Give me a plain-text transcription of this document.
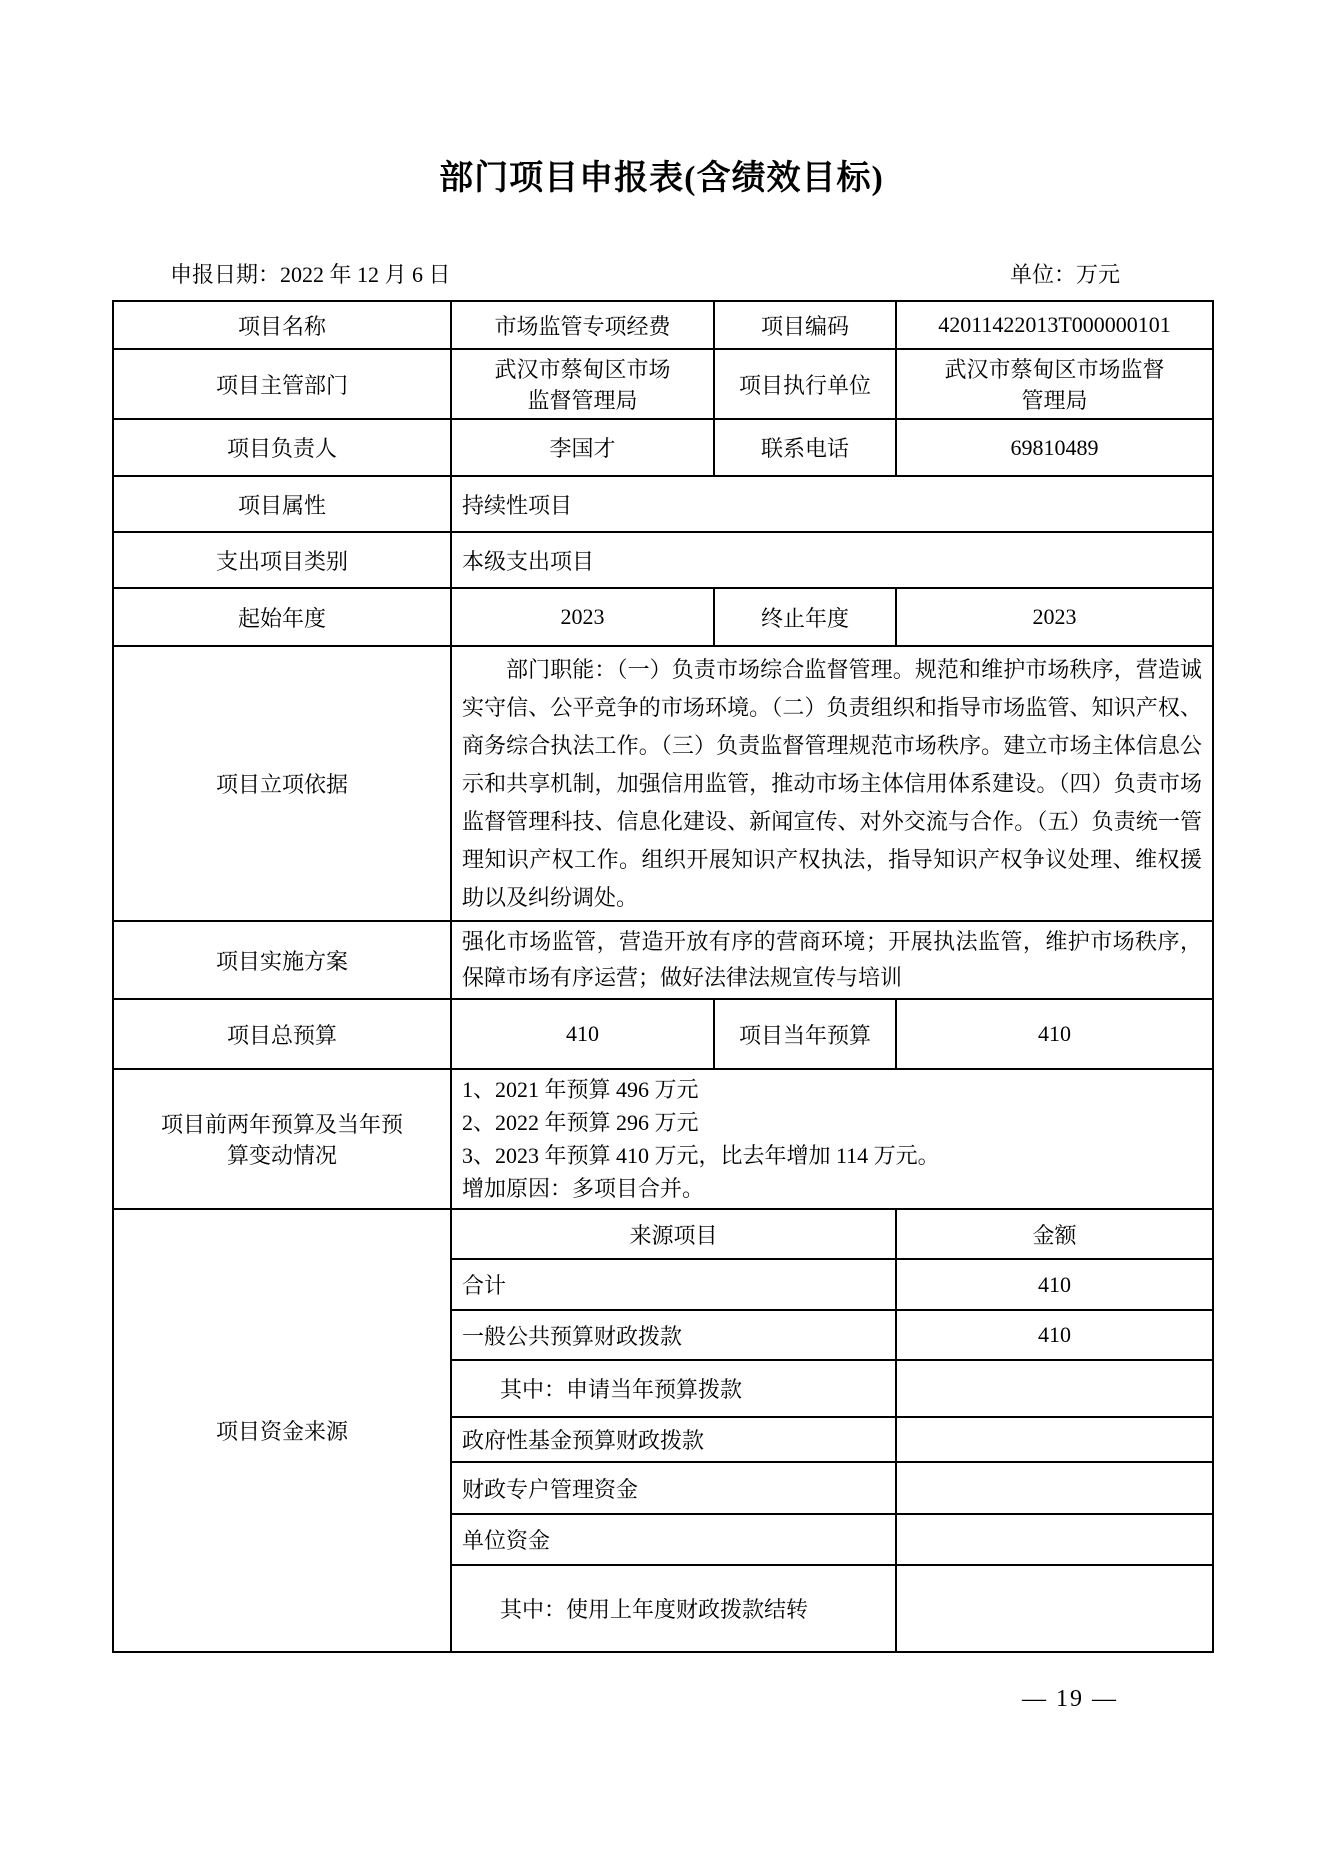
部门项目申报表(含绩效目标)
申报日期：2022 年 12 月 6 日	单位：万元
项目名称	市场监管专项经费	项目编码	42011422013T000000101
项目主管部门	武汉市蔡甸区市场监督管理局	项目执行单位	武汉市蔡甸区市场监督管理局

项目负责人	李国才	联系电话	69810489
项目属性	持续性项目		
支出项目类别	本级支出项目		
起始年度	2023	终止年度	2023
项目立项依据	部门职能：（一）负责市场综合监督管理。规范和维护市场秩序，营造诚实守信、公平竞争的市场环境。（二）负责组织和指导市场监管、知识产权、商务综合执法工作。（三）负责监督管理规范市场秩序。建立市场主体信息公示和共享机制，加强信用监管，推动市场主体信用体系建设。（四）负责市场监督管理科技、信息化建设、新闻宣传、对外交流与合作。（五）负责统一管理知识产权工作。组织开展知识产权执法，指导知识产权争议处理、维权援助以及纠纷调处。		

项目实施方案	强化市场监管，营造开放有序的营商环境；开展执法监管，维护市场秩序，保障市场有序运营；做好法律法规宣传与培训		
项目总预算	410	项目当年预算	410

项目前两年预算及当年预算变动情况	1、2021 年预算 496 万元
2、2022 年预算 296 万元
3、2023 年预算 410 万元，比去年增加 114 万元。
增加原因：多项目合并。		

项目资金来源	来源项目		金额
	合计		410
	一般公共预算财政拨款		410
	其中：申请当年预算拨款		
	政府性基金预算财政拨款		
	财政专户管理资金		
	单位资金		
	其中：使用上年度财政拨款结转		
— 19 —
